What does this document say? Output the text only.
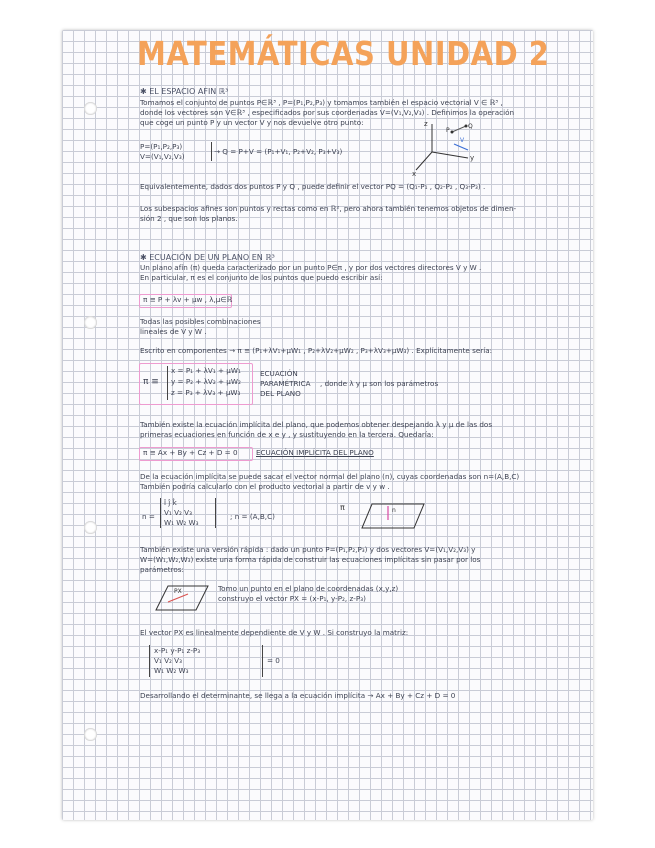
MATEMÁTICAS UNIDAD 2
✱ EL ESPACIO AFIN ℝ³
Tomamos el conjunto de puntos P∈ℝ³ , P=(P₁,P₂,P₃) y tomamos también el espacio vectorial V ∈ ℝ³ ,
donde los vectores son V∈ℝ³ , especificados por sus coordenadas V=(V₁,V₂,V₃) . Definimos la operación
que coge un punto P y un vector V y nos devuelve otro punto:
P=(P₁,P₂,P₃)
V=(V₁,V₂,V₃)
→ Q = P+V = (P₁+V₁, P₂+V₂, P₃+V₃)
z
y
x
P
Q
V
Equivalentemente, dados dos puntos P y Q , puede definir el vector PQ = (Q₁-P₁ , Q₂-P₂ , Q₃-P₃) .
Los subespacios afines son puntos y rectas como en ℝ², pero ahora también tenemos objetos de dimen-
sión 2 , que son los planos.
✱ ECUACIÓN DE UN PLANO EN ℝ³
Un plano afín (π) queda caracterizado por un punto P∈π , y por dos vectores directores V y W .
En particular, π es el conjunto de los puntos que puedo escribir así:
π ≡ P + λv + μw , λ,μ∈ℝ
Todas las posibles combinaciones
lineales de V y W .
Escrito en componentes → π ≡ (P₁+λV₁+μW₁ , P₂+λV₂+μW₂ , P₃+λV₃+μW₃) . Explícitamente sería:
π ≡
x = P₁ + λV₁ + μW₁
y = P₂ + λV₂ + μW₂
z = P₃ + λV₃ + μW₃
ECUACIÓN
PARAMÉTRICA
DEL PLANO
, donde λ y μ son los parámetros
También existe la ecuación implícita del plano, que podemos obtener despejando λ y μ de las dos
primeras ecuaciones en función de x e y , y sustituyendo en la tercera. Quedaría:
π ≡ Ax + By + Cz + D = 0	ECUACIÓN IMPLÍCITA DEL PLANO
De la ecuación implícita se puede sacar el vector normal del plano (n), cuyas coordenadas son n=(A,B,C)
También podría calcularlo con el producto vectorial a partir de v y w .
n =
î ĵ k̂
V₁ V₂ V₃
W₁ W₂ W₃
; n = (A,B,C)
π	n
También existe una versión rápida : dado un punto P=(P₁,P₂,P₃) y dos vectores V=(V₁,V₂,V₃) y
W=(W₁,W₂,W₃) existe una forma rápida de construir las ecuaciones implícitas sin pasar por los
parámetros:
PX	Tomo un punto en el plano de coordenadas (x,y,z)
construyo el vector PX = (x-P₁, y-P₂, z-P₃)
El vector PX es linealmente dependiente de V y W . Si construyo la matriz:
x-P₁ y-P₁ z-P₃
V₁ V₂ V₃
W₁ W₂ W₃
= 0
Desarrollando el determinante, se llega a la ecuación implícita → Ax + By + Cz + D = 0
